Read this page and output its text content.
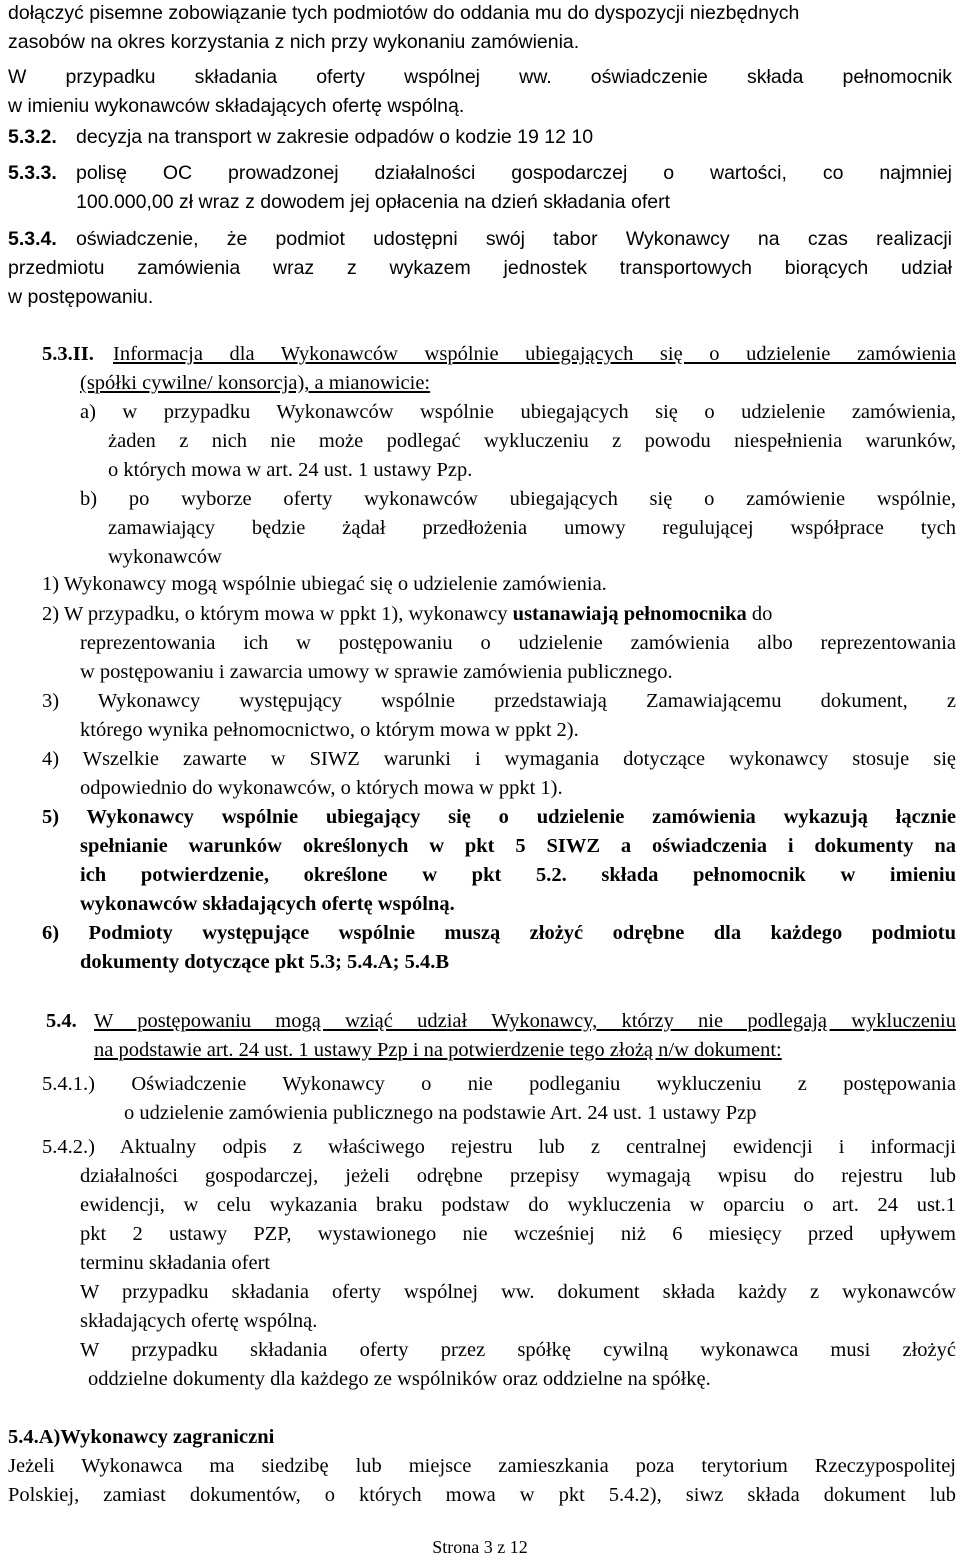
dołączyć pisemne zobowiązanie tych podmiotów do oddania mu do dyspozycji niezbędnych
zasobów na okres korzystania z nich przy wykonaniu zamówienia.
W przypadku składania oferty wspólnej ww. oświadczenie składa pełnomocnik
w imieniu wykonawców składających ofertę wspólną.
5.3.2. decyzja na transport w zakresie odpadów o kodzie 19 12 10
5.3.3. polisę OC prowadzonej działalności gospodarczej o wartości, co najmniej
100.000,00 zł wraz z dowodem jej opłacenia na dzień składania ofert
5.3.4. oświadczenie, że podmiot udostępni swój tabor Wykonawcy na czas realizacji
przedmiotu zamówienia wraz z wykazem jednostek transportowych biorących udział
w postępowaniu.
5.3.II. Informacja dla Wykonawców wspólnie ubiegających się o udzielenie zamówienia
(spółki cywilne/ konsorcja), a mianowicie:
a) w przypadku Wykonawców wspólnie ubiegających się o udzielenie zamówienia,
żaden z nich nie może podlegać wykluczeniu z powodu niespełnienia warunków,
o których mowa w art. 24 ust. 1 ustawy Pzp.
b) po wyborze oferty wykonawców ubiegających się o zamówienie wspólnie,
zamawiający będzie żądał przedłożenia umowy regulującej współprace tych
wykonawców
1) Wykonawcy mogą wspólnie ubiegać się o udzielenie zamówienia.
2) W przypadku, o którym mowa w ppkt 1), wykonawcy ustanawiają pełnomocnika do
reprezentowania ich w postępowaniu o udzielenie zamówienia albo reprezentowania
w postępowaniu i zawarcia umowy w sprawie zamówienia publicznego.
3) Wykonawcy występujący wspólnie przedstawiają Zamawiającemu dokument, z
którego wynika pełnomocnictwo, o którym mowa w ppkt 2).
4) Wszelkie zawarte w SIWZ warunki i wymagania dotyczące wykonawcy stosuje się
odpowiednio do wykonawców, o których mowa w ppkt 1).
5) Wykonawcy wspólnie ubiegający się o udzielenie zamówienia wykazują łącznie
spełnianie warunków określonych w pkt 5 SIWZ a oświadczenia i dokumenty na
ich potwierdzenie, określone w pkt 5.2. składa pełnomocnik w imieniu
wykonawców składających ofertę wspólną.
6) Podmioty występujące wspólnie muszą złożyć odrębne dla każdego podmiotu
dokumenty dotyczące pkt 5.3; 5.4.A; 5.4.B
5.4. W postępowaniu mogą wziąć udział Wykonawcy, którzy nie podlegają wykluczeniu
na podstawie art. 24 ust. 1 ustawy Pzp i na potwierdzenie tego złożą n/w dokument:
5.4.1.) Oświadczenie Wykonawcy o nie podleganiu wykluczeniu z postępowania
o udzielenie zamówienia publicznego na podstawie Art. 24 ust. 1 ustawy Pzp
5.4.2.) Aktualny odpis z właściwego rejestru lub z centralnej ewidencji i informacji
działalności gospodarczej, jeżeli odrębne przepisy wymagają wpisu do rejestru lub
ewidencji, w celu wykazania braku podstaw do wykluczenia w oparciu o art. 24 ust.1
pkt 2 ustawy PZP, wystawionego nie wcześniej niż 6 miesięcy przed upływem
terminu składania ofert
W przypadku składania oferty wspólnej ww. dokument składa każdy z wykonawców
składających ofertę wspólną.
W przypadku składania oferty przez spółkę cywilną wykonawca musi złożyć
oddzielne dokumenty dla każdego ze wspólników oraz oddzielne na spółkę.
5.4.A)Wykonawcy zagraniczni
Jeżeli Wykonawca ma siedzibę lub miejsce zamieszkania poza terytorium Rzeczypospolitej
Polskiej, zamiast dokumentów, o których mowa w pkt 5.4.2), siwz składa dokument lub
Strona 3 z 12
